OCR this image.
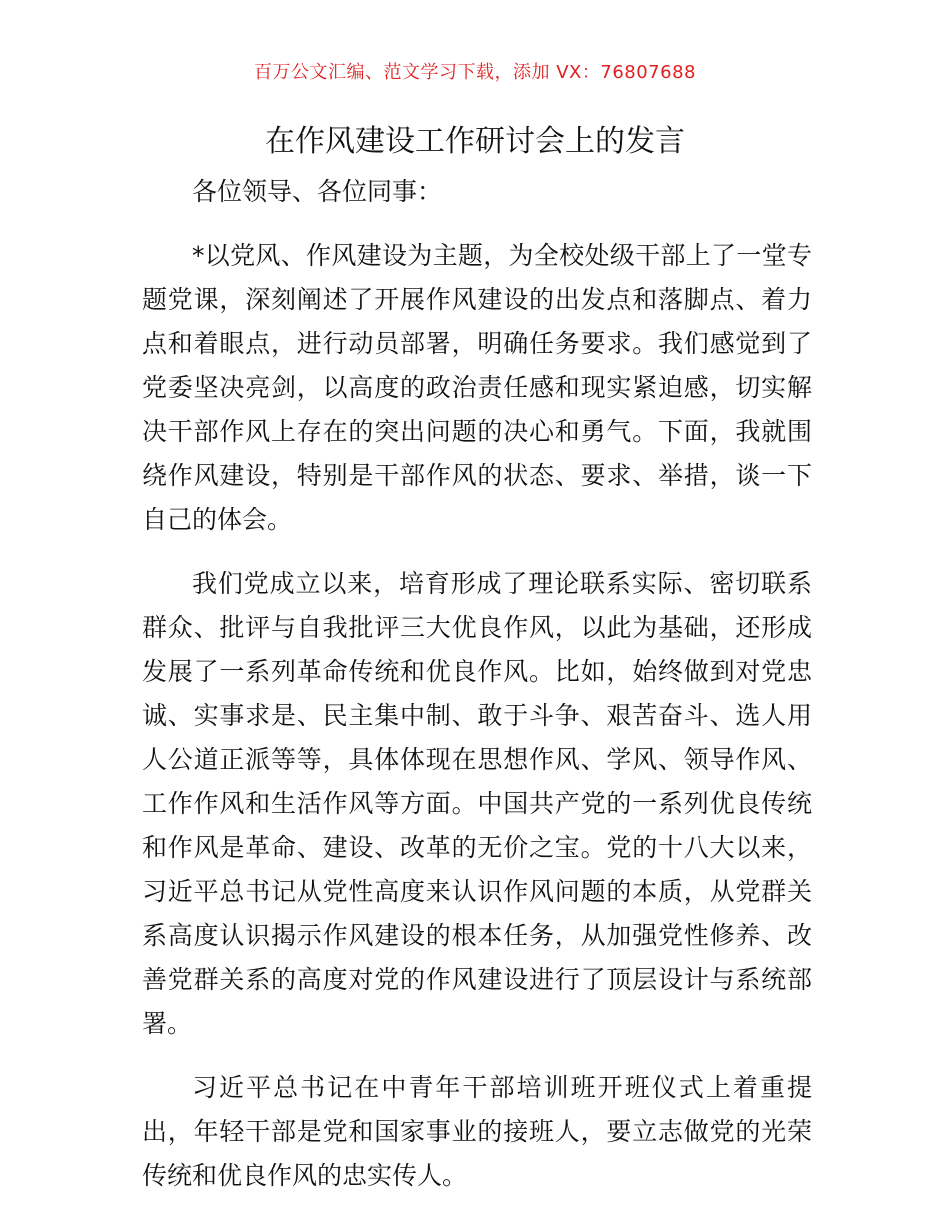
百万公文汇编、范文学习下载，添加 VX：76807688
在作风建设工作研讨会上的发言

各位领导、各位同事：

*以党风、作风建设为主题，为全校处级干部上了一堂专题党课，深刻阐述了开展作风建设的出发点和落脚点、着力点和着眼点，进行动员部署，明确任务要求。我们感觉到了党委坚决亮剑，以高度的政治责任感和现实紧迫感，切实解决干部作风上存在的突出问题的决心和勇气。下面，我就围绕作风建设，特别是干部作风的状态、要求、举措，谈一下自己的体会。

我们党成立以来，培育形成了理论联系实际、密切联系群众、批评与自我批评三大优良作风，以此为基础，还形成发展了一系列革命传统和优良作风。比如，始终做到对党忠诚、实事求是、民主集中制、敢于斗争、艰苦奋斗、选人用人公道正派等等，具体体现在思想作风、学风、领导作风、工作作风和生活作风等方面。中国共产党的一系列优良传统和作风是革命、建设、改革的无价之宝。党的十八大以来，习近平总书记从党性高度来认识作风问题的本质，从党群关系高度认识揭示作风建设的根本任务，从加强党性修养、改善党群关系的高度对党的作风建设进行了顶层设计与系统部署。

习近平总书记在中青年干部培训班开班仪式上着重提出，年轻干部是党和国家事业的接班人，要立志做党的光荣传统和优良作风的忠实传人。
